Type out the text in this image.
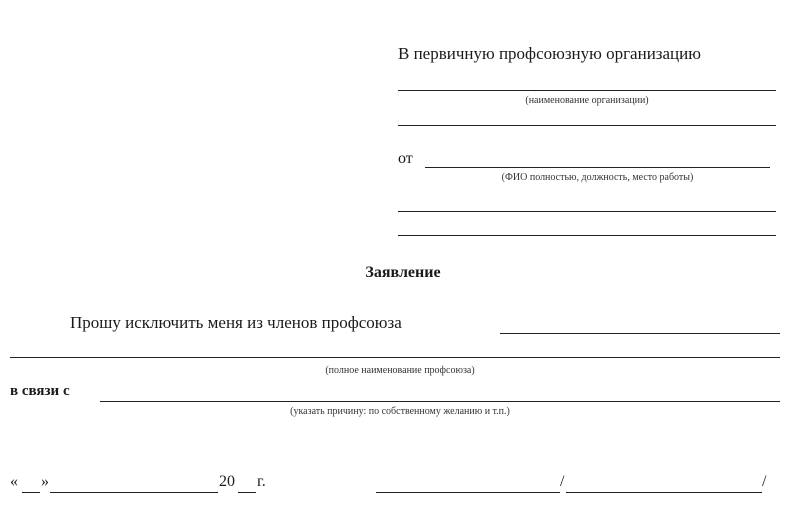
В первичную профсоюзную организацию
(наименование организации)
от
(ФИО полностью, должность, место работы)
Заявление
Прошу исключить меня из членов профсоюза
(полное наименование профсоюза)
в связи с
(указать причину: по собственному желанию и т.п.)
« »	20 г.	/	/
